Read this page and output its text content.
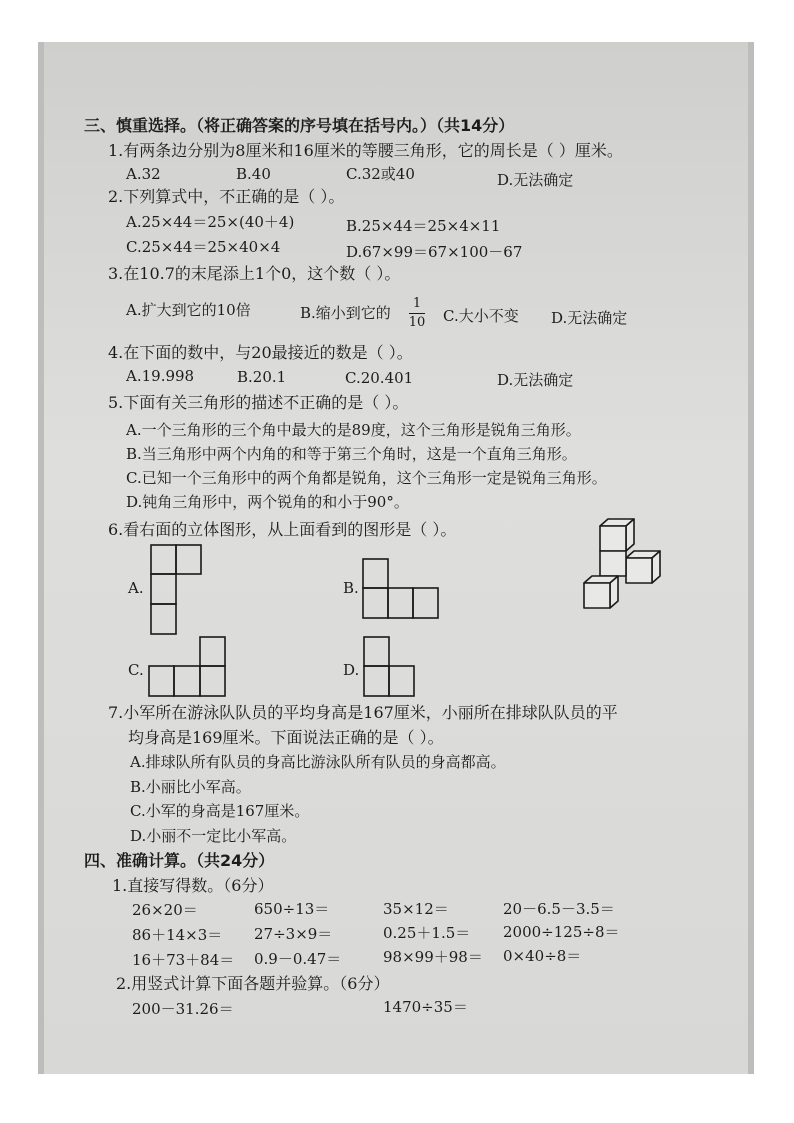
三、慎重选择。（将正确答案的序号填在括号内。）（共14分）
1.有两条边分别为8厘米和16厘米的等腰三角形，它的周长是（ ）厘米。
A.32	B.40	C.32或40	D.无法确定
2.下列算式中，不正确的是（ ）。
A.25×44＝25×(40＋4)	B.25×44＝25×4×11
C.25×44＝25×40×4	D.67×99＝67×100－67
3.在10.7的末尾添上1个0，这个数（ ）。
A.扩大到它的10倍	B.缩小到它的
1
10 C.大小不变 D.无法确定
4.在下面的数中，与20最接近的数是（ ）。
A.19.998	B.20.1	C.20.401	D.无法确定
5.下面有关三角形的描述不正确的是（ ）。
A.一个三角形的三个角中最大的是89度，这个三角形是锐角三角形。
B.当三角形中两个内角的和等于第三个角时，这是一个直角三角形。
C.已知一个三角形中的两个角都是锐角，这个三角形一定是锐角三角形。
D.钝角三角形中，两个锐角的和小于90°。
6.看右面的立体图形，从上面看到的图形是（ ）。
A.	B.
C.	D.
7.小军所在游泳队队员的平均身高是167厘米，小丽所在排球队队员的平
均身高是169厘米。下面说法正确的是（ ）。
A.排球队所有队员的身高比游泳队所有队员的身高都高。
B.小丽比小军高。
C.小军的身高是167厘米。
D.小丽不一定比小军高。
四、准确计算。（共24分）
1.直接写得数。（6分）
26×20＝	650÷13＝	35×12＝	20－6.5－3.5＝
86＋14×3＝ 27÷3×9＝	0.25＋1.5＝ 2000÷125÷8＝
16＋73＋84＝ 0.9－0.47＝	98×99＋98＝ 0×40÷8＝
2.用竖式计算下面各题并验算。（6分）
200－31.26＝	1470÷35＝
